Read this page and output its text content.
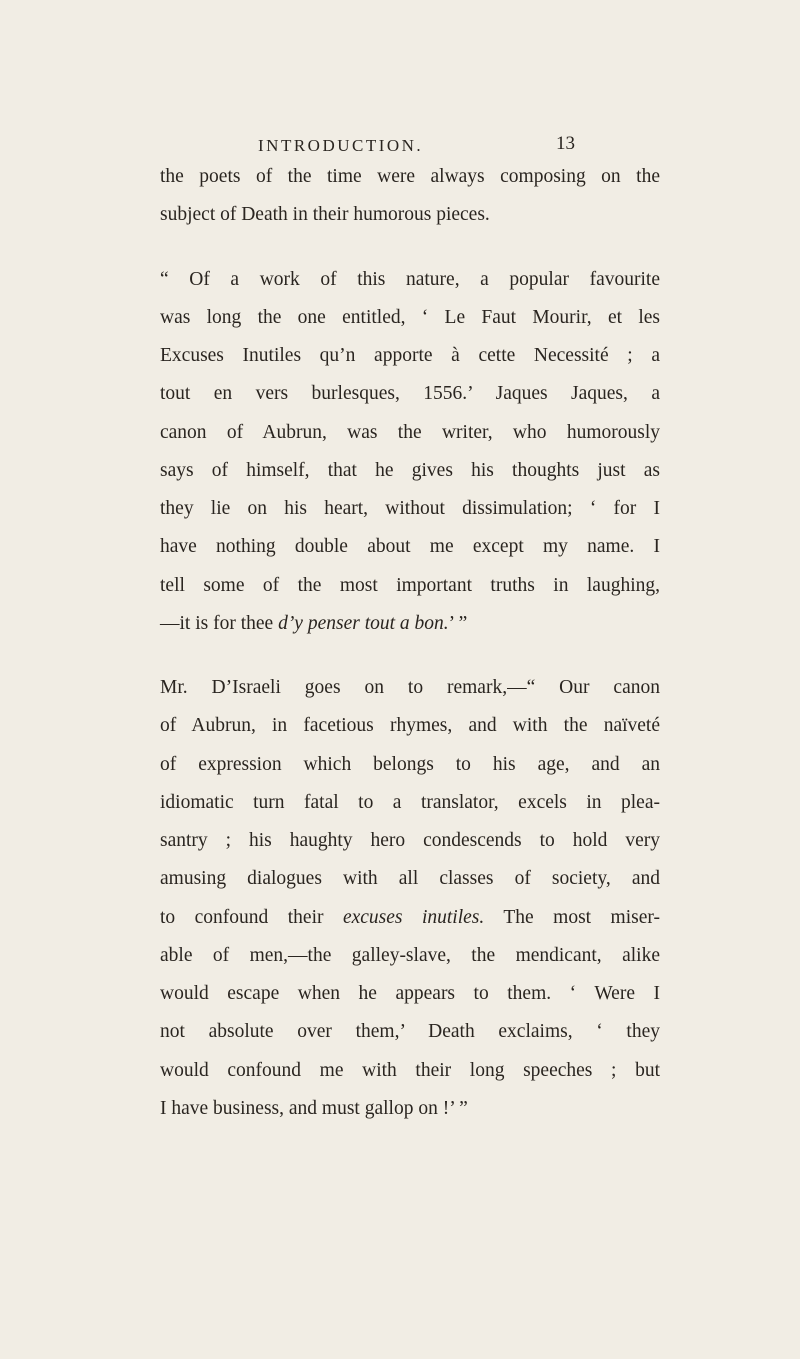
INTRODUCTION.	13

the poets of the time were always composing on the
subject of Death in their humorous pieces.

“ Of a work of this nature, a popular favourite
was long the one entitled, ‘ Le Faut Mourir, et les
Excuses Inutiles qu’n apporte à cette Necessité ; a
tout en vers burlesques, 1556.’ Jaques Jaques, a
canon of Aubrun, was the writer, who humorously
says of himself, that he gives his thoughts just as
they lie on his heart, without dissimulation; ‘ for I
have nothing double about me except my name. I
tell some of the most important truths in laughing,
—it is for thee d’y penser tout a bon.’ ”

Mr. D’Israeli goes on to remark,—“ Our canon
of Aubrun, in facetious rhymes, and with the naïveté
of expression which belongs to his age, and an
idiomatic turn fatal to a translator, excels in plea-
santry ; his haughty hero condescends to hold very
amusing dialogues with all classes of society, and
to confound their excuses inutiles. The most miser-
able of men,—the galley-slave, the mendicant, alike
would escape when he appears to them. ‘ Were I
not absolute over them,’ Death exclaims, ‘ they
would confound me with their long speeches ; but
I have business, and must gallop on !’ ”
